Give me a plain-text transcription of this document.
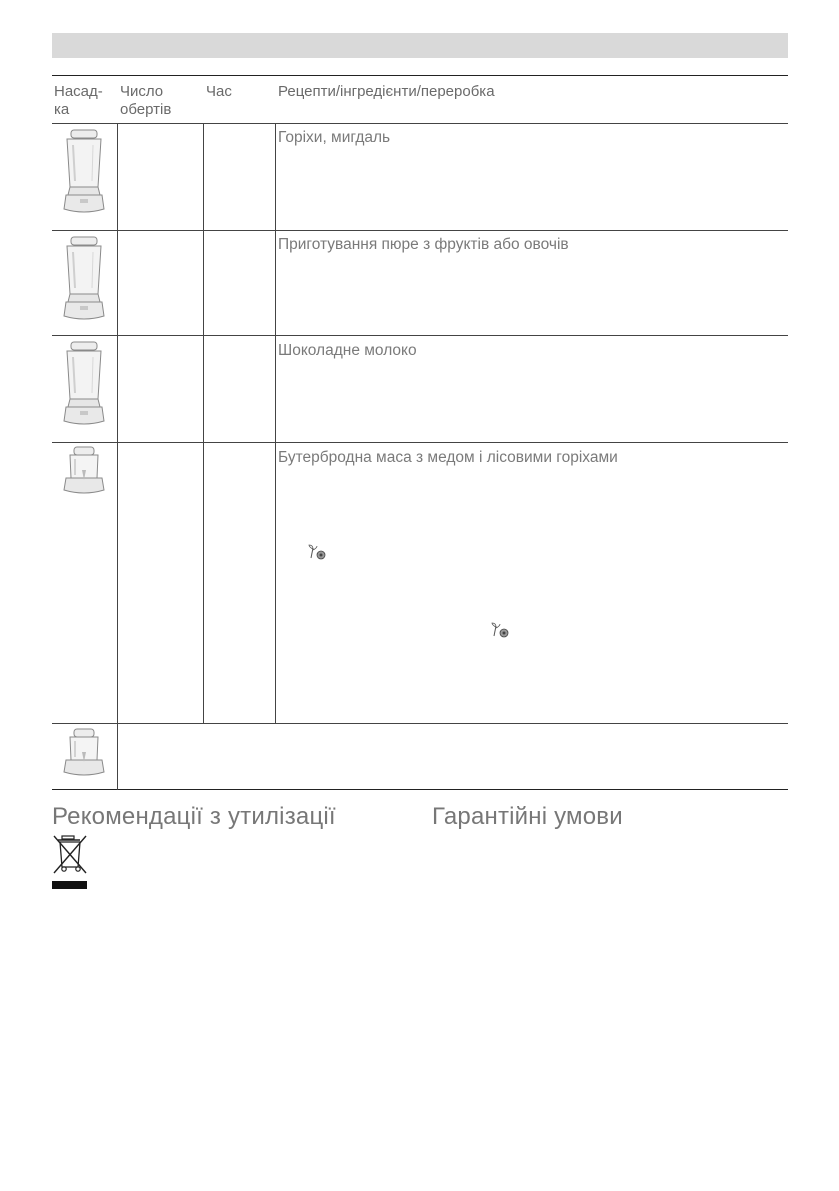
Насад-
ка
Число
обертів
Час	Рецепти/інгредієнти/переробка
Горіхи, мигдаль
Приготування пюре з фруктів або овочів
Шоколадне молоко
Бутербродна маса з медом і лісовими горіхами
Рекомендації з утилізації	Гарантійні умови
